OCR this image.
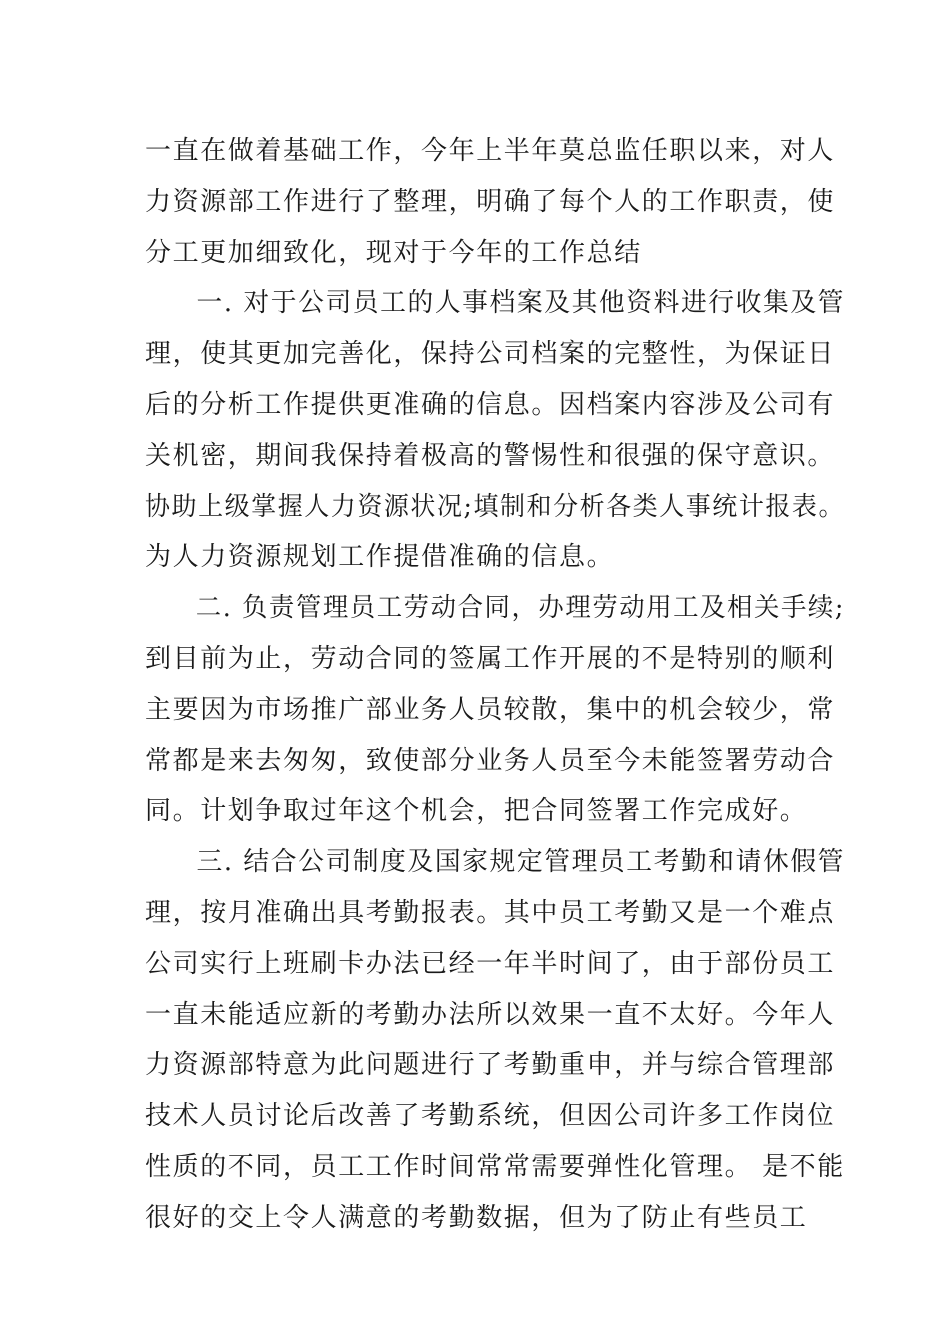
一直在做着基础工作，今年上半年莫总监任职以来，对人
力资源部工作进行了整理，明确了每个人的工作职责，使
分工更加细致化，现对于今年的工作总结
一. 对于公司员工的人事档案及其他资料进行收集及管
理，使其更加完善化，保持公司档案的完整性，为保证日
后的分析工作提供更准确的信息。因档案内容涉及公司有
关机密，期间我保持着极高的警惕性和很强的保守意识。
协助上级掌握人力资源状况;填制和分析各类人事统计报表。
为人力资源规划工作提借准确的信息。
二. 负责管理员工劳动合同，办理劳动用工及相关手续;
到目前为止，劳动合同的签属工作开展的不是特别的顺利
主要因为市场推广部业务人员较散，集中的机会较少，常
常都是来去匆匆，致使部分业务人员至今未能签署劳动合
同。计划争取过年这个机会，把合同签署工作完成好。
三. 结合公司制度及国家规定管理员工考勤和请休假管
理，按月准确出具考勤报表。其中员工考勤又是一个难点
公司实行上班刷卡办法已经一年半时间了，由于部份员工
一直未能适应新的考勤办法所以效果一直不太好。今年人
力资源部特意为此问题进行了考勤重申，并与综合管理部
技术人员讨论后改善了考勤系统，但因公司许多工作岗位
性质的不同，员工工作时间常常需要弹性化管理。 是不能
很好的交上令人满意的考勤数据，但为了防止有些员工
